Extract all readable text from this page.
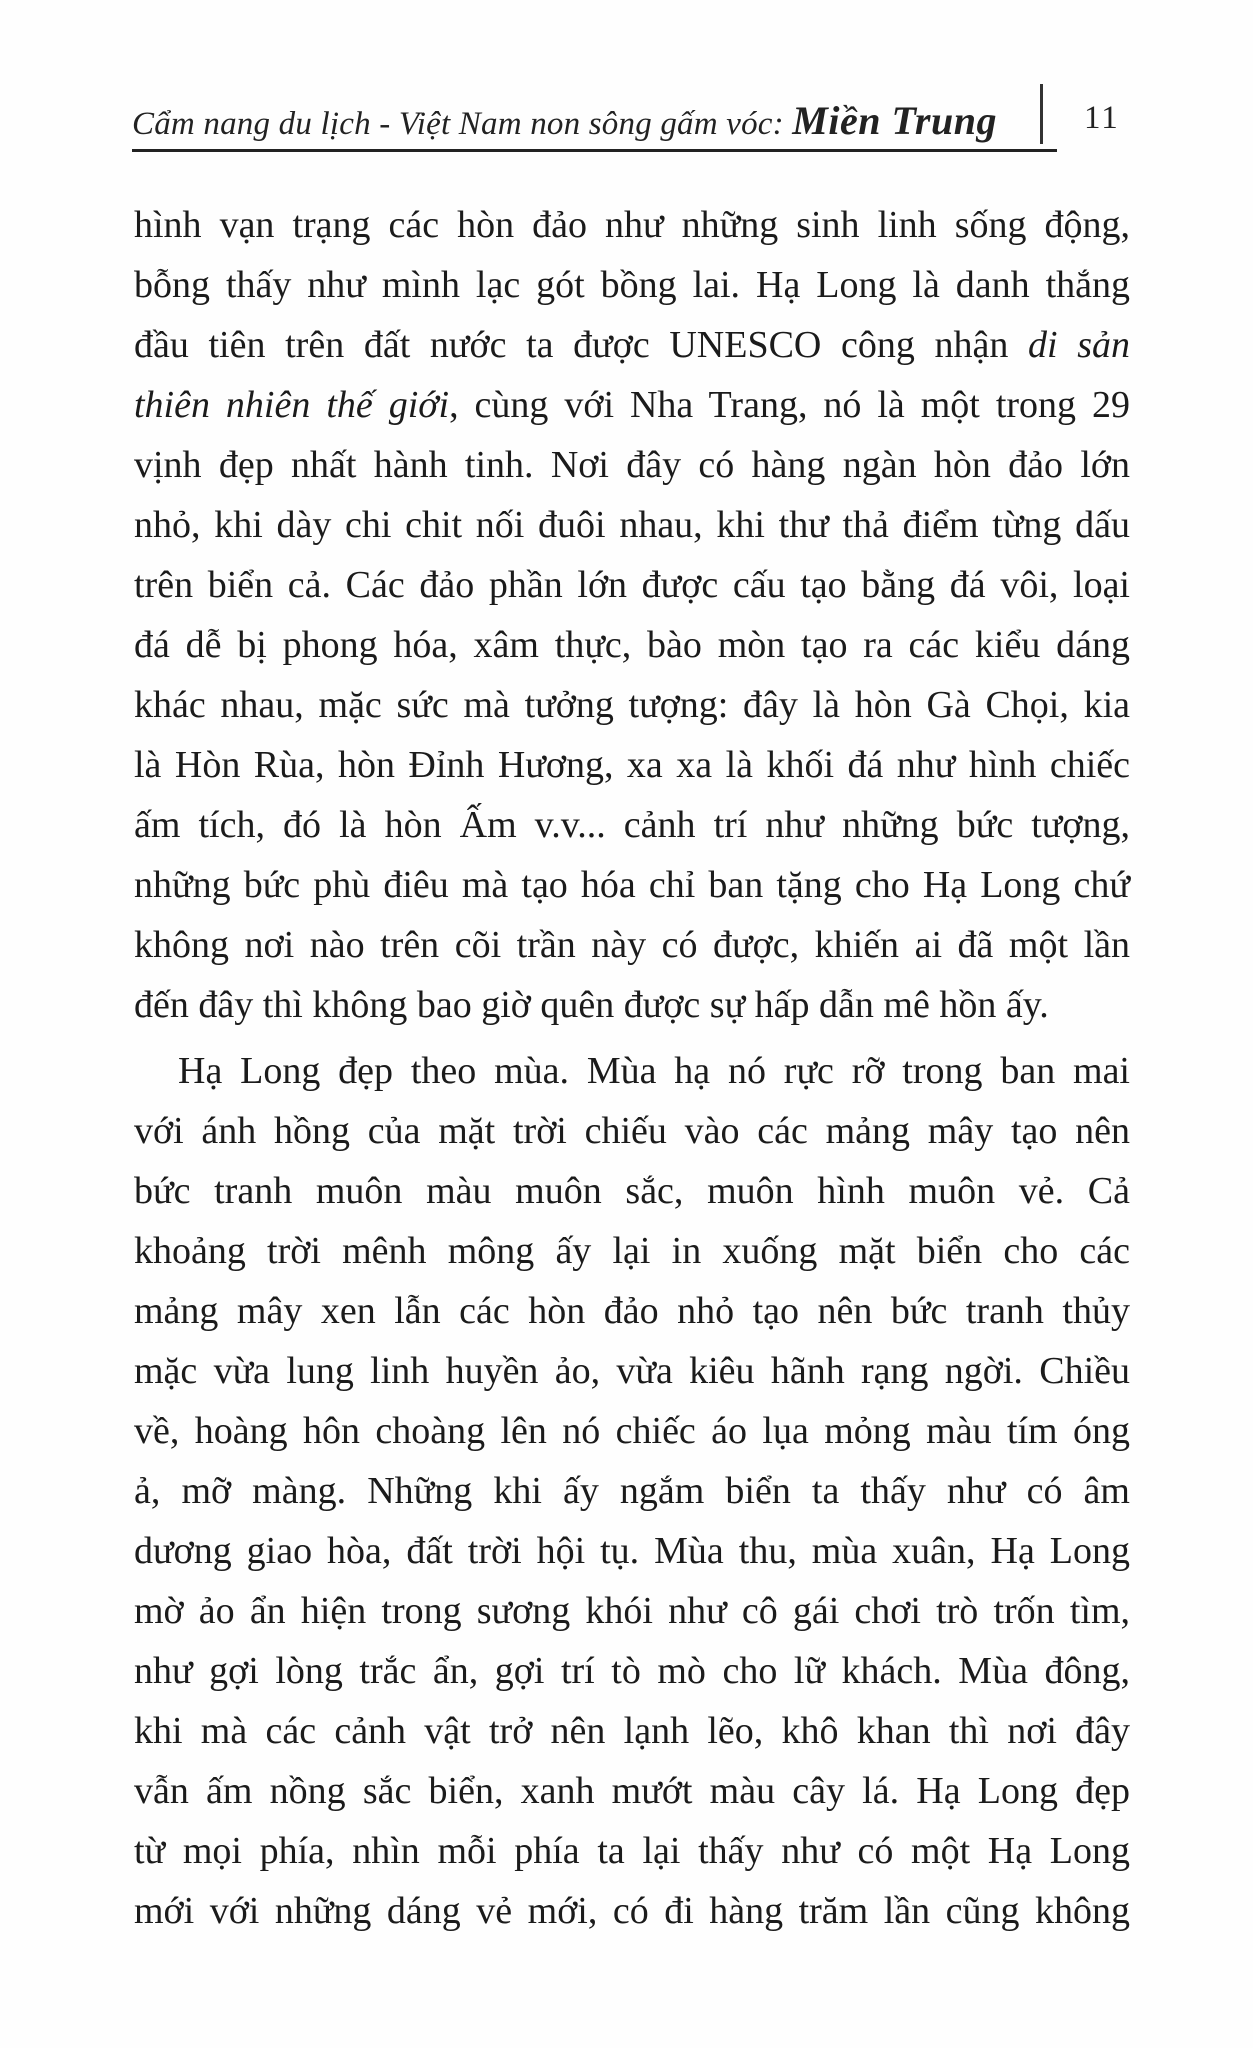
Cẩm nang du lịch - Việt Nam non sông gấm vóc: Miền Trung	11
hình vạn trạng các hòn đảo như những sinh linh sống động,
bỗng thấy như mình lạc gót bồng lai. Hạ Long là danh thắng
đầu tiên trên đất nước ta được UNESCO công nhận di sản
thiên nhiên thế giới, cùng với Nha Trang, nó là một trong 29
vịnh đẹp nhất hành tinh. Nơi đây có hàng ngàn hòn đảo lớn
nhỏ, khi dày chi chit nối đuôi nhau, khi thư thả điểm từng dấu
trên biển cả. Các đảo phần lớn được cấu tạo bằng đá vôi, loại
đá dễ bị phong hóa, xâm thực, bào mòn tạo ra các kiểu dáng
khác nhau, mặc sức mà tưởng tượng: đây là hòn Gà Chọi, kia
là Hòn Rùa, hòn Đỉnh Hương, xa xa là khối đá như hình chiếc
ấm tích, đó là hòn Ấm v.v... cảnh trí như những bức tượng,
những bức phù điêu mà tạo hóa chỉ ban tặng cho Hạ Long chứ
không nơi nào trên cõi trần này có được, khiến ai đã một lần
đến đây thì không bao giờ quên được sự hấp dẫn mê hồn ấy.
Hạ Long đẹp theo mùa. Mùa hạ nó rực rỡ trong ban mai
với ánh hồng của mặt trời chiếu vào các mảng mây tạo nên
bức tranh muôn màu muôn sắc, muôn hình muôn vẻ. Cả
khoảng trời mênh mông ấy lại in xuống mặt biển cho các
mảng mây xen lẫn các hòn đảo nhỏ tạo nên bức tranh thủy
mặc vừa lung linh huyền ảo, vừa kiêu hãnh rạng ngời. Chiều
về, hoàng hôn choàng lên nó chiếc áo lụa mỏng màu tím óng
ả, mỡ màng. Những khi ấy ngắm biển ta thấy như có âm
dương giao hòa, đất trời hội tụ. Mùa thu, mùa xuân, Hạ Long
mờ ảo ẩn hiện trong sương khói như cô gái chơi trò trốn tìm,
như gợi lòng trắc ẩn, gợi trí tò mò cho lữ khách. Mùa đông,
khi mà các cảnh vật trở nên lạnh lẽo, khô khan thì nơi đây
vẫn ấm nồng sắc biển, xanh mướt màu cây lá. Hạ Long đẹp
từ mọi phía, nhìn mỗi phía ta lại thấy như có một Hạ Long
mới với những dáng vẻ mới, có đi hàng trăm lần cũng không
